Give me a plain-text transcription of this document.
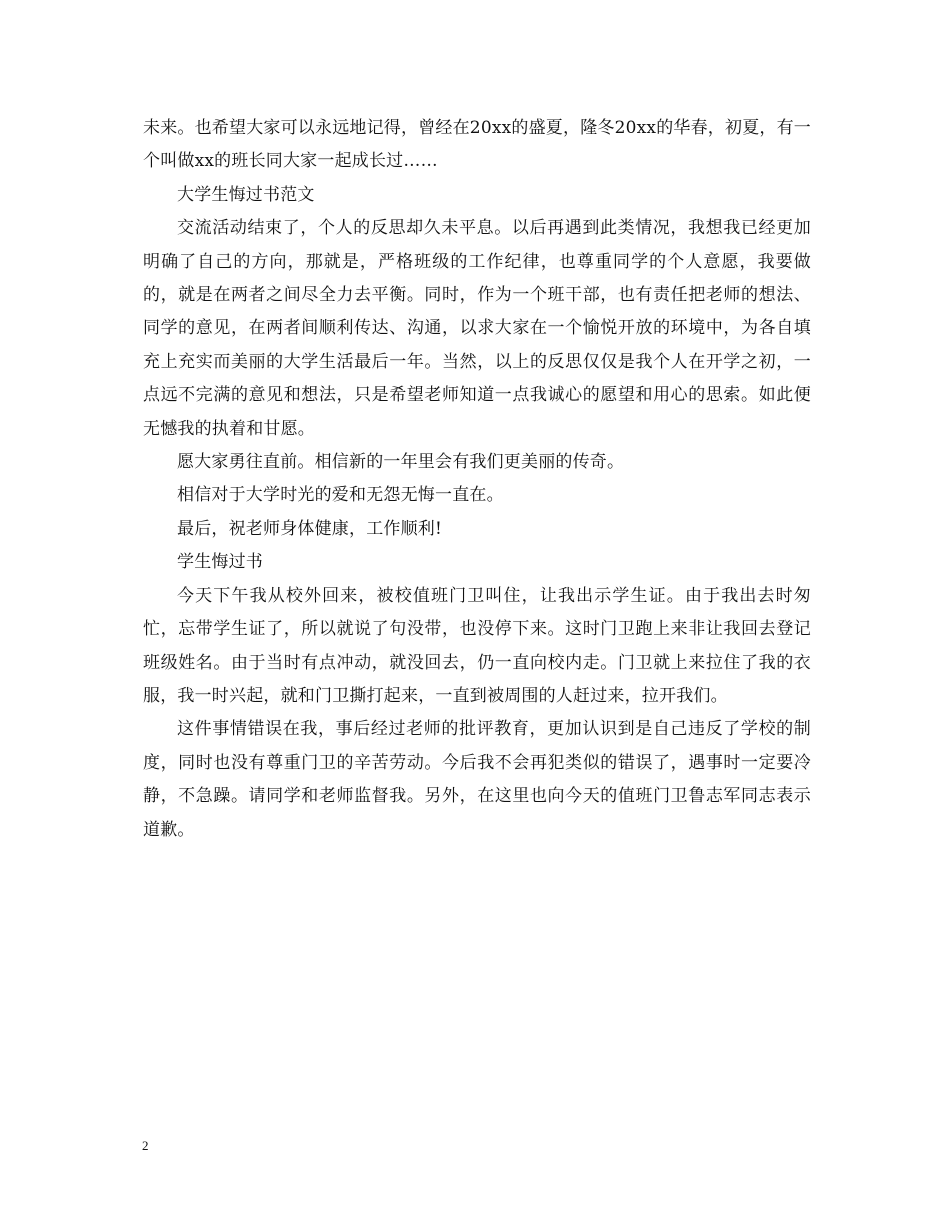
未来。也希望大家可以永远地记得，曾经在20xx的盛夏，隆冬20xx的华春，初夏，有一个叫做xx的班长同大家一起成长过……

大学生悔过书范文

交流活动结束了，个人的反思却久未平息。以后再遇到此类情况，我想我已经更加明确了自己的方向，那就是，严格班级的工作纪律，也尊重同学的个人意愿，我要做的，就是在两者之间尽全力去平衡。同时，作为一个班干部，也有责任把老师的想法、同学的意见，在两者间顺利传达、沟通，以求大家在一个愉悦开放的环境中，为各自填充上充实而美丽的大学生活最后一年。当然，以上的反思仅仅是我个人在开学之初，一点远不完满的意见和想法，只是希望老师知道一点我诚心的愿望和用心的思索。如此便无憾我的执着和甘愿。

愿大家勇往直前。相信新的一年里会有我们更美丽的传奇。

相信对于大学时光的爱和无怨无悔一直在。

最后，祝老师身体健康，工作顺利!

学生悔过书

今天下午我从校外回来，被校值班门卫叫住，让我出示学生证。由于我出去时匆忙，忘带学生证了，所以就说了句没带，也没停下来。这时门卫跑上来非让我回去登记班级姓名。由于当时有点冲动，就没回去，仍一直向校内走。门卫就上来拉住了我的衣服，我一时兴起，就和门卫撕打起来，一直到被周围的人赶过来，拉开我们。

这件事情错误在我，事后经过老师的批评教育，更加认识到是自己违反了学校的制度，同时也没有尊重门卫的辛苦劳动。今后我不会再犯类似的错误了，遇事时一定要冷静，不急躁。请同学和老师监督我。另外，在这里也向今天的值班门卫鲁志军同志表示道歉。

2
